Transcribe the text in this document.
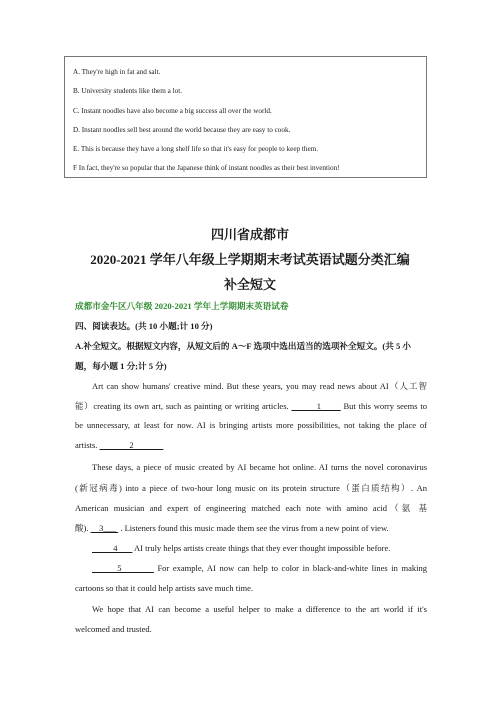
A. They're high in fat and salt.
B. University students like them a lot.
C. Instant noodles have also become a big success all over the world.
D. Instant noodles sell best around the world because they are easy to cook.
E. This is because they have a long shelf life so that it's easy for people to keep them.
F In fact, they're so popular that the Japanese think of instant noodles as their best invention!
四川省成都市
2020-2021 学年八年级上学期期末考试英语试题分类汇编
补全短文
成都市金牛区八年级 2020-2021 学年上学期期末英语试卷
四、阅读表达。(共 10 小题;计 10 分)
A.补全短文。根据短文内容，从短文后的 A～F 选项中选出适当的选项补全短文。(共 5 小
题，每小题 1 分;计 5 分)
Art can show humans' creative mind. But these years, you may read news about AI（人工智
能）creating its own art, such as painting or writing articles.          1        But this worry seems to
be unnecessary, at least for now. AI is bringing artists more possibilities, not taking the place of
artists.               2
These days, a piece of music created by AI became hot online. AI turns the novel coronavirus
(新冠病毒) into a piece of two-hour long music on its protein structure（蛋白质结构）. An
American musician and expert of engineering matched each note with amino acid（氨 基
酸).     3___  . Listeners found this music made them see the virus from a new point of view.
4        AI truly helps artists create things that they ever thought impossible before.
5          For example, AI now can help to color in black-and-white lines in making
cartoons so that it could help artists save much time.
We hope that AI can become a useful helper to make a difference to the art world if it's
welcomed and trusted.
